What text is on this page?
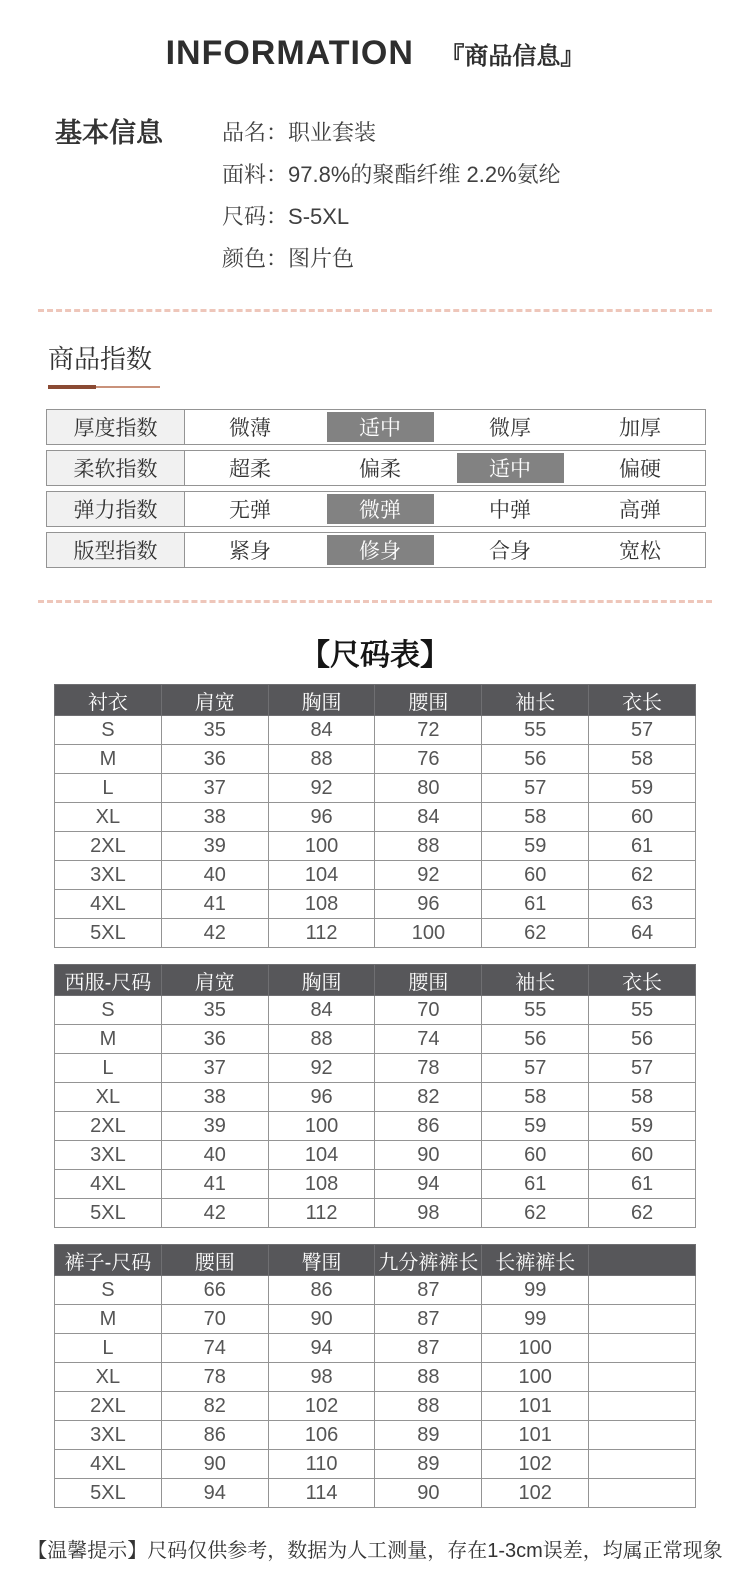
INFORMATION 『商品信息』
基本信息	品名：职业套装
面料：97.8%的聚酯纤维 2.2%氨纶
尺码：S-5XL
颜色：图片色
商品指数
厚度指数	微薄	适中	微厚	加厚
柔软指数	超柔	偏柔	适中	偏硬
弹力指数	无弹	微弹	中弹	高弹
版型指数	紧身	修身	合身	宽松
【尺码表】
衬衣	肩宽	胸围	腰围	袖长	衣长
S	35	84	72	55	57
M	36	88	76	56	58
L	37	92	80	57	59
XL	38	96	84	58	60
2XL	39	100	88	59	61
3XL	40	104	92	60	62
4XL	41	108	96	61	63
5XL	42	112	100	62	64
西服-尺码	肩宽	胸围	腰围	袖长	衣长
S	35	84	70	55	55
M	36	88	74	56	56
L	37	92	78	57	57
XL	38	96	82	58	58
2XL	39	100	86	59	59
3XL	40	104	90	60	60
4XL	41	108	94	61	61
5XL	42	112	98	62	62
裤子-尺码	腰围	臀围	九分裤裤长	长裤裤长	
S	66	86	87	99	
M	70	90	87	99	
L	74	94	87	100	
XL	78	98	88	100	
2XL	82	102	88	101	
3XL	86	106	89	101	
4XL	90	110	89	102	
5XL	94	114	90	102	
【温馨提示】尺码仅供参考，数据为人工测量，存在1-3cm误差，均属正常现象
